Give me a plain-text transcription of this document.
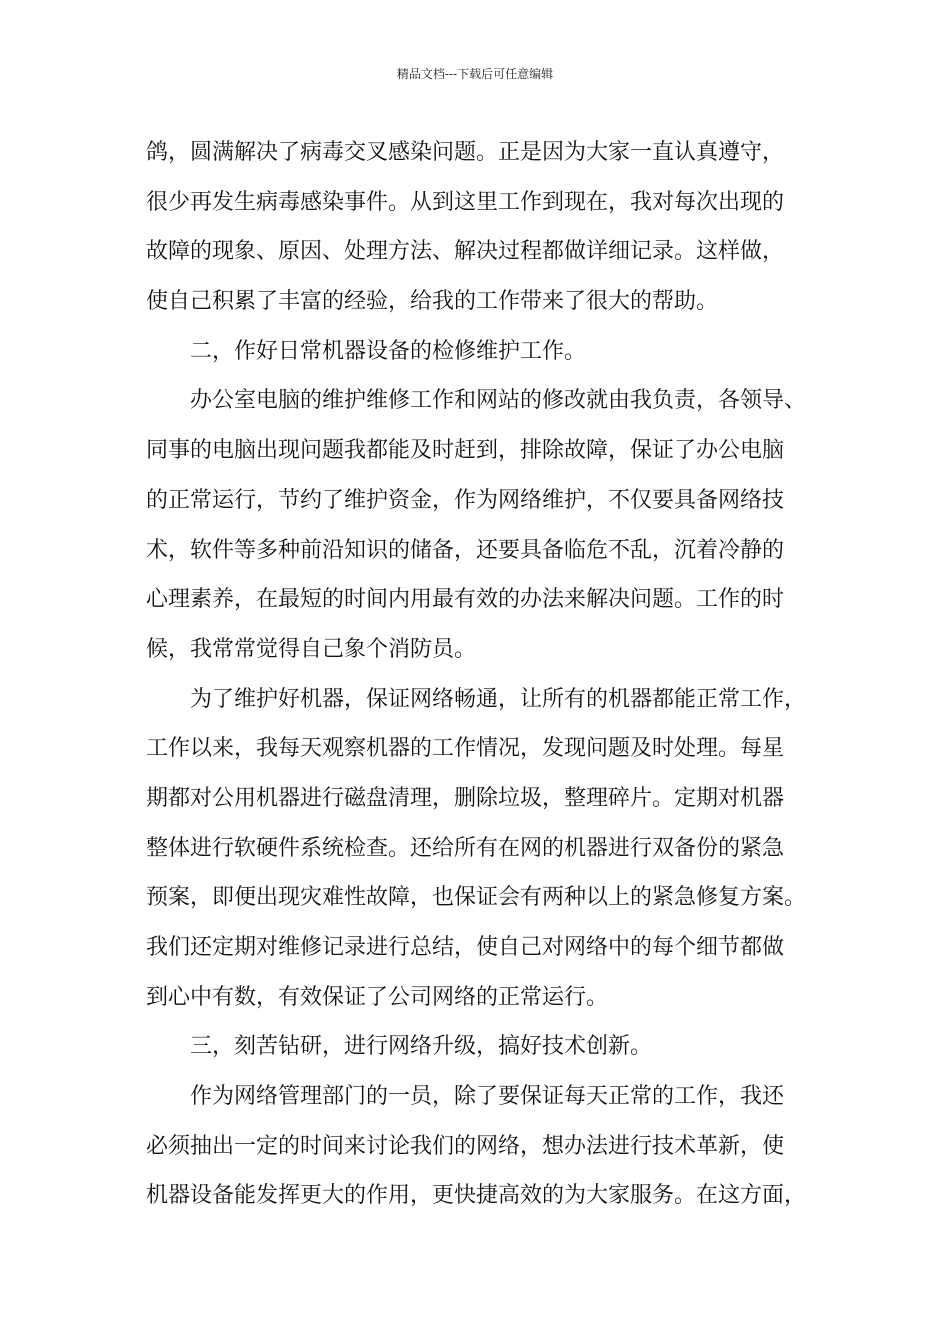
精品文档---下载后可任意编辑
鸽，圆满解决了病毒交叉感染问题。正是因为大家一直认真遵守，
很少再发生病毒感染事件。从到这里工作到现在，我对每次出现的
故障的现象、原因、处理方法、解决过程都做详细记录。这样做，
使自己积累了丰富的经验，给我的工作带来了很大的帮助。
二，作好日常机器设备的检修维护工作。
办公室电脑的维护维修工作和网站的修改就由我负责，各领导、
同事的电脑出现问题我都能及时赶到，排除故障，保证了办公电脑
的正常运行，节约了维护资金，作为网络维护，不仅要具备网络技
术，软件等多种前沿知识的储备，还要具备临危不乱，沉着冷静的
心理素养，在最短的时间内用最有效的办法来解决问题。工作的时
候，我常常觉得自己象个消防员。
为了维护好机器，保证网络畅通，让所有的机器都能正常工作，
工作以来，我每天观察机器的工作情况，发现问题及时处理。每星
期都对公用机器进行磁盘清理，删除垃圾，整理碎片。定期对机器
整体进行软硬件系统检查。还给所有在网的机器进行双备份的紧急
预案，即便出现灾难性故障，也保证会有两种以上的紧急修复方案。
我们还定期对维修记录进行总结，使自己对网络中的每个细节都做
到心中有数，有效保证了公司网络的正常运行。
三，刻苦钻研，进行网络升级，搞好技术创新。
作为网络管理部门的一员，除了要保证每天正常的工作，我还
必须抽出一定的时间来讨论我们的网络，想办法进行技术革新，使
机器设备能发挥更大的作用，更快捷高效的为大家服务。在这方面，
